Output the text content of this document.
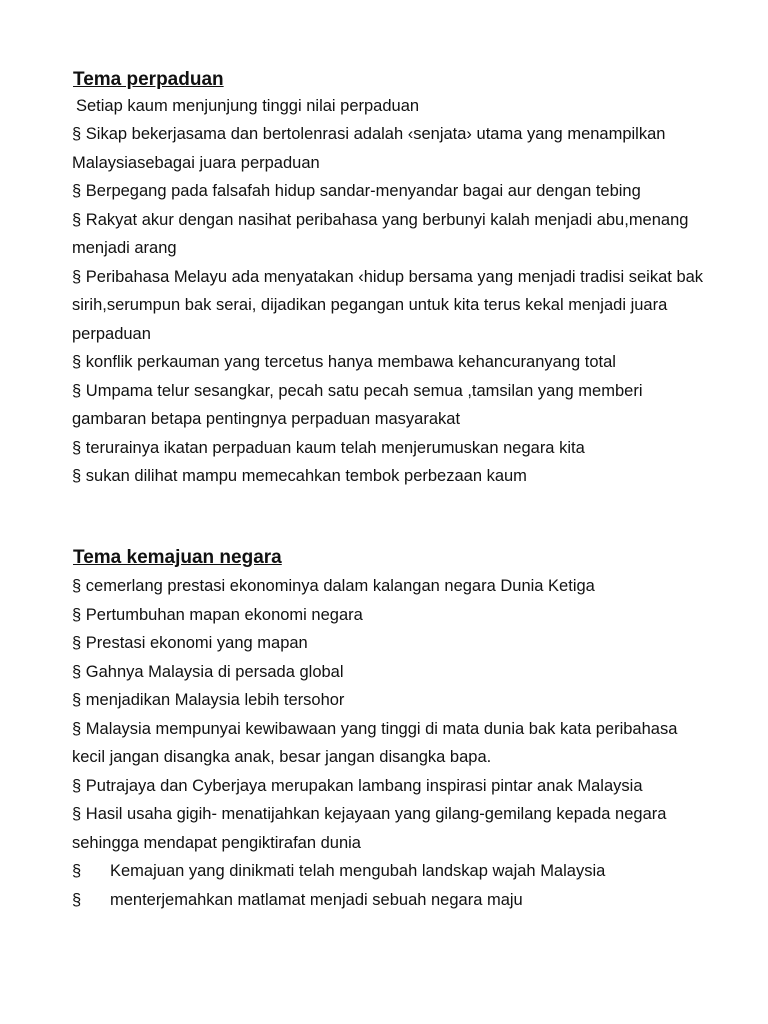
Tema perpaduan

Setiap kaum menjunjung tinggi nilai perpaduan

§ Sikap bekerjasama dan bertolenrasi adalah ‹senjata› utama yang menampilkan Malaysiasebagai juara perpaduan
§ Berpegang pada falsafah hidup sandar-menyandar bagai aur dengan tebing
§ Rakyat akur dengan nasihat peribahasa yang berbunyi kalah menjadi abu,menang menjadi arang
§ Peribahasa Melayu ada menyatakan ‹hidup bersama yang menjadi tradisi seikat bak sirih,serumpun bak serai, dijadikan pegangan untuk kita terus kekal menjadi juara perpaduan
§ konflik perkauman yang tercetus hanya membawa kehancuranyang total
§ Umpama telur sesangkar, pecah satu pecah semua ,tamsilan yang memberi gambaran betapa pentingnya perpaduan masyarakat
§ terurainya ikatan perpaduan kaum telah menjerumuskan negara kita
§ sukan dilihat mampu memecahkan tembok perbezaan kaum
Tema kemajuan negara
§ cemerlang prestasi ekonominya dalam kalangan negara Dunia Ketiga
§ Pertumbuhan mapan ekonomi negara
§ Prestasi ekonomi yang mapan
§ Gahnya Malaysia di persada global
§ menjadikan Malaysia lebih tersohor
§ Malaysia mempunyai kewibawaan yang tinggi di mata dunia bak kata peribahasa kecil jangan disangka anak, besar jangan disangka bapa.
§ Putrajaya dan Cyberjaya merupakan lambang inspirasi pintar anak Malaysia
§ Hasil usaha gigih- menatijahkan kejayaan yang gilang-gemilang kepada negara sehingga mendapat pengiktirafan dunia
§ Kemajuan yang dinikmati telah mengubah landskap wajah Malaysia
§ menterjemahkan matlamat menjadi sebuah negara maju
